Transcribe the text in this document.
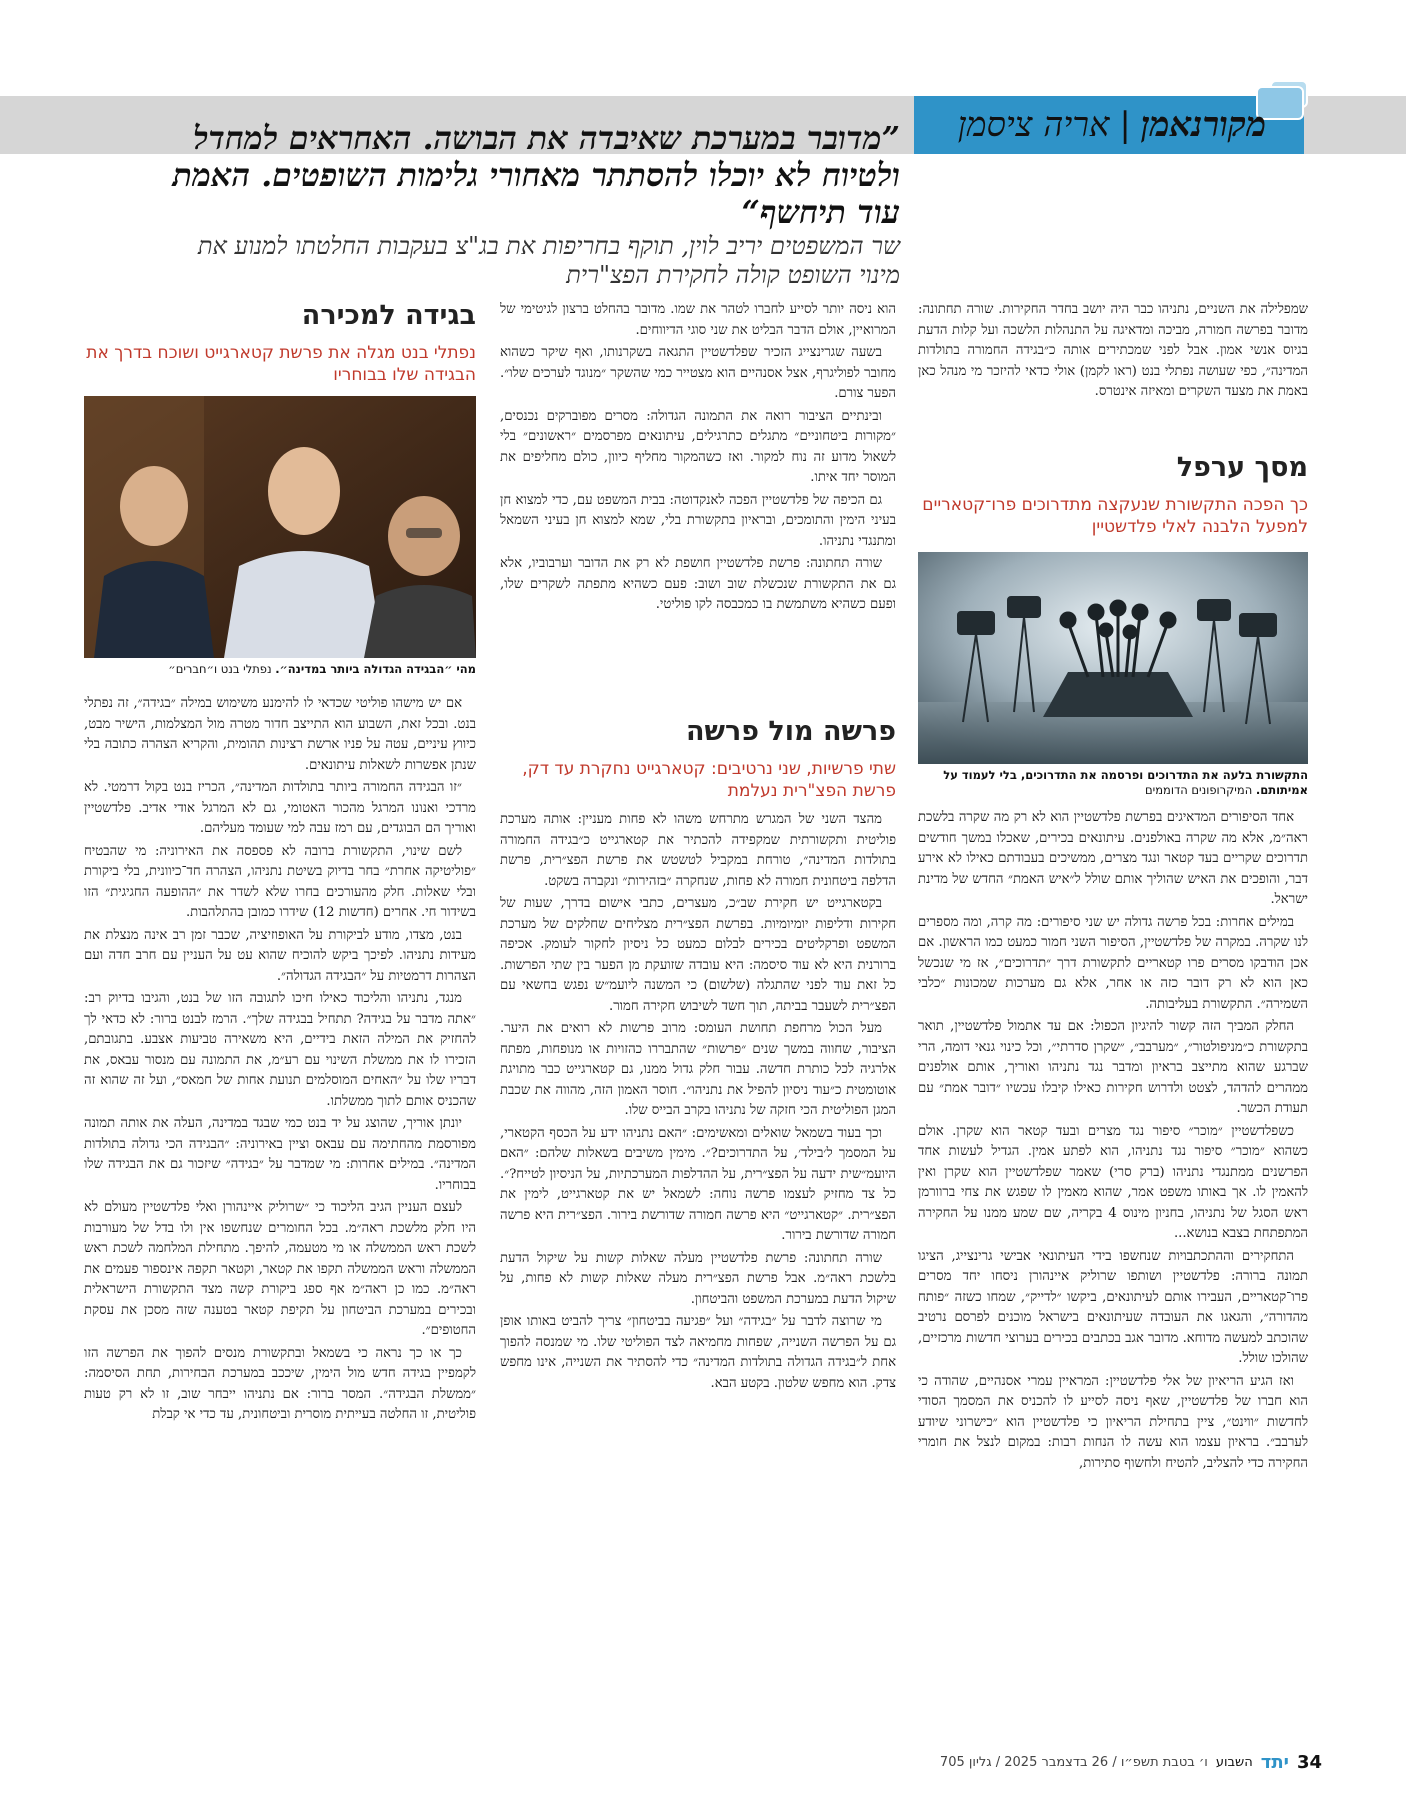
מקורנאמן
|
אריה ציסמן
”מדובר במערכת שאיבדה את הבושה. האחראים למחדל ולטיוח לא יוכלו להסתתר מאחורי גלימות השופטים. האמת עוד תיחשף“
שר המשפטים יריב לוין, תוקף בחריפות את בג"צ בעקבות החלטתו למנוע את מינוי השופט קולה לחקירת הפצ"רית

שמפלילה את השניים, נתניהו כבר היה יושב בחדר החקירות. שורה תחתונה: מדובר בפרשה חמורה, מביכה ומדאיגה על התנהלות הלשכה ועל קלות הדעת בגיוס אנשי אמון. אבל לפני שמכתירים אותה כ״בגידה החמורה בתולדות המדינה״, כפי שעושה נפתלי בנט (ראו לקמן) אולי כדאי להיזכר מי מנהל כאן באמת את מצעד השקרים ומאיזה אינטרס.

מסך ערפל
כך הפכה התקשורת שנעקצה מתדרוכים פרו־קטאריים למפעל הלבנה לאלי פלדשטיין
התקשורת בלעה את התדרוכים ופרסמה את התדרוכים, בלי לעמוד על אמיתותם. המיקרופונים הדוממים

אחד הסיפורים המדאיגים בפרשת פלדשטיין הוא לא רק מה שקרה בלשכת ראה״מ, אלא מה שקרה באולפנים. עיתונאים בכירים, שאכלו במשך חודשים תדרוכים שקריים בעד קטאר ונגד מצרים, ממשיכים בעבודתם כאילו לא אירע דבר, והופכים את האיש שהוליך אותם שולל ל״איש האמת״ החדש של מדינת ישראל.

במילים אחרות: בכל פרשה גדולה יש שני סיפורים: מה קרה, ומה מספרים לנו שקרה. במקרה של פלדשטיין, הסיפור השני חמור כמעט כמו הראשון. אם אכן הודבקו מסרים פרו קטאריים לתקשורת דרך ״תדרוכים״, אז מי שנכשל כאן הוא לא רק דובר כזה או אחר, אלא גם מערכות שמכונות ״כלבי השמירה״. התקשורת בעליבותה.

החלק המביך הזה קשור להיגיון הכפול: אם עד אתמול פלדשטיין, תואר בתקשורת כ״מניפולטור״, ״מערבב״, ״שקרן סדרתי״, וכל כינוי גנאי דומה, הרי שברגע שהוא מתייצב בראיון ומדבר נגד נתניהו ואוריך, אותם אולפנים ממהרים להדהד, לצטט ולדרוש חקירות כאילו קיבלו עכשיו ״דובר אמת״ עם תעודת הכשר.

כשפלדשטיין ״מוכר״ סיפור נגד מצרים ובעד קטאר הוא שקרן. אולם כשהוא ״מוכר״ סיפור נגד נתניהו, הוא לפתע אמין. הגדיל לעשות אחד הפרשנים ממתנגדי נתניהו (ברק סרי) שאמר שפלדשטיין הוא שקרן ואין להאמין לו. אך באותו משפט אמר, שהוא מאמין לו שפגש את צחי ברוורמן ראש הסגל של נתניהו, בחניון מינוס 4 בקריה, שם שמע ממנו על החקירה המתפתחת בצבא בנושא...

התחקירים וההתכתבויות שנחשפו בידי העיתונאי אבישי גרינצייג, הציגו תמונה ברורה: פלדשטיין ושותפו שרוליק איינהורן ניסחו יחד מסרים פרו־קטאריים, העבירו אותם לעיתונאים, ביקשו ״לדייק״, שמחו כשזה ״פותח מהדורה״, והגאגו את העובדה שעיתונאים בישראל מוכנים לפרסם נרטיב שהוכתב למעשה מדוחא. מדובר אגב בכתבים בכירים בערוצי חדשות מרכזיים, שהולכו שולל.

ואז הגיע הריאיון של אלי פלדשטיין: המראיין עמרי אסנהיים, שהודה כי הוא חברו של פלדשטיין, שאף ניסה לסייע לו להכניס את המסמך הסודי לחדשות ״ווינט״, ציין בתחילת הריאיון כי פלדשטיין הוא ״כישרוני שיודע לערבב״. בראיון עצמו הוא עשה לו הנחות רבות: במקום לנצל את חומרי החקירה כדי להצליב, להטיח ולחשוף סתירות,

הוא ניסה יותר לסייע לחברו לטהר את שמו. מדובר בהחלט ברצון לגיטימי של המרואיין, אולם הדבר הבליט את שני סוגי הדיווחים.

בשעה שגרינצייג הזכיר שפלדשטיין התגאה בשקרנותו, ואף שיקר כשהוא מחובר לפוליגרף, אצל אסנהיים הוא מצטייר כמי שהשקר ״מנוגד לערכים שלו״. הפער צורם.

ובינתיים הציבור רואה את התמונה הגדולה: מסרים מפוברקים נכנסים, ״מקורות ביטחוניים״ מתגלים כתרגילים, עיתונאים מפרסמים ״ראשונים״ בלי לשאול מדוע זה נוח למקור. ואז כשהמקור מחליף כיוון, כולם מחליפים את המוסר יחד איתו.

גם הכיפה של פלדשטיין הפכה לאנקדוטה: בבית המשפט עם, כדי למצוא חן בעיני הימין והתומכים, ובראיון בתקשורת בלי, שמא למצוא חן בעיני השמאל ומתנגדי נתניהו.

שורה תחתונה: פרשת פלדשטיין חושפת לא רק את הדובר וערבוביו, אלא גם את התקשורת שנכשלת שוב ושוב: פעם כשהיא מתפתה לשקרים שלו, ופעם כשהיא משתמשת בו כמכבסה לקו פוליטי.

פרשה מול פרשה
שתי פרשיות, שני נרטיבים: קטארגייט נחקרת עד דק, פרשת הפצ"רית נעלמת

מהצד השני של המגרש מתרחש משהו לא פחות מעניין: אותה מערכת פוליטית ותקשורתית שמקפידה להכתיר את קטארגייט כ״בגידה החמורה בתולדות המדינה״, טורחת במקביל לטשטש את פרשת הפצ״רית, פרשת הדלפה ביטחונית חמורה לא פחות, שנחקרה ״בזהירות״ ונקברה בשקט.

בקטארגייט יש חקירת שב״כ, מעצרים, כתבי אישום בדרך, שעות של חקירות ודליפות יומיומיות. בפרשת הפצ״רית מצליחים שחלקים של מערכת המשפט ופרקליטים בכירים לבלום כמעט כל ניסיון לחקור לעומק. אכיפה ברורנית היא לא עוד סיסמה: היא עובדה שזועקת מן הפער בין שתי הפרשות. כל זאת עוד לפני שהתגלה (שלשום) כי המשנה ליועמ״ש נפגש בחשאי עם הפצ״רית לשעבר בביתה, תוך חשד לשיבוש חקירה חמור.

מעל הכול מרחפת תחושת העומס: מרוב פרשות לא רואים את היער. הציבור, שחווה במשך שנים ״פרשות״ שהתבררו כהזויות או מנופחות, מפתח אלרגיה לכל כותרת חדשה. עבור חלק גדול ממנו, גם קטארגייט כבר מתויגת אוטומטית כ״עוד ניסיון להפיל את נתניהו״. חוסר האמון הזה, מהווה את שכבת המגן הפוליטית הכי חזקה של נתניהו בקרב הבייס שלו.

וכך בעוד בשמאל שואלים ומאשימים: ״האם נתניהו ידע על הכסף הקטארי, על המסמך ל׳בילד׳, על התדרוכים?״. מימין משיבים בשאלות שלהם: ״האם היועמ״שית ידעה על הפצ״רית, על ההדלפות המערכתיות, על הניסיון לטייח?״. כל צד מחזיק לעצמו פרשה נוחה: לשמאל יש את קטארגייט, לימין את הפצ״רית. ״קטארגייט״ היא פרשה חמורה שדורשת בירור. הפצ״רית היא פרשה חמורה שדורשת בירור.

שורה תחתונה: פרשת פלדשטיין מעלה שאלות קשות על שיקול הדעת בלשכת ראה״מ. אבל פרשת הפצ״רית מעלה שאלות קשות לא פחות, על שיקול הדעת במערכת המשפט והביטחון.

מי שרוצה לדבר על ״בגידה״ ועל ״פגיעה בביטחון״ צריך להביט באותו אופן גם על הפרשה השנייה, שפחות מחמיאה לצד הפוליטי שלו. מי שמנסה להפוך אחת ל״בגידה הגדולה בתולדות המדינה״ כדי להסתיר את השנייה, אינו מחפש צדק. הוא מחפש שלטון. בקטע הבא.

בגידה למכירה
נפתלי בנט מגלה את פרשת קטארגייט ושוכח בדרך את הבגידה שלו בבוחריו
מהי ״הבגידה הגדולה ביותר במדינה״. נפתלי בנט ו״חברים״

אם יש מישהו פוליטי שכדאי לו להימנע משימוש במילה ״בגידה״, זה נפתלי בנט. ובכל זאת, השבוע הוא התייצב חדור מטרה מול המצלמות, הישיר מבט, כיווץ עיניים, עטה על פניו ארשת רצינות תהומית, והקריא הצהרה כתובה בלי שנתן אפשרות לשאלות עיתונאים.

״זו הבגידה החמורה ביותר בתולדות המדינה״, הכריז בנט בקול דרמטי. לא מרדכי ואנונו המרגל מהכור האטומי, גם לא המרגל אודי אדיב. פלדשטיין ואוריך הם הבוגדים, עם רמז עבה למי שעומד מעליהם.

לשם שינוי, התקשורת ברובה לא פספסה את האירוניה: מי שהבטיח ״פוליטיקה אחרת״ בחר בדיוק בשיטת נתניהו, הצהרה חד־כיוונית, בלי ביקורת ובלי שאלות. חלק מהעורכים בחרו שלא לשדר את ״ההופעה החגיגית״ הזו בשידור חי. אחרים (חדשות 12) שידרו כמובן בהתלהבות.

בנט, מצדו, מודע לביקורת על האופוזיציה, שכבר זמן רב אינה מנצלת את מעידות נתניהו. לפיכך ביקש להוכיח שהוא עט על העניין עם חרב חדה ועם הצהרות דרמטיות על ״הבגידה הגדולה״.

מנגד, נתניהו והליכוד כאילו חיכו לתגובה הזו של בנט, והגיבו בדיוק רב: ״אתה מדבר על בגידה? תתחיל בבגידה שלך״. הרמז לבנט ברור: לא כדאי לך להחזיק את המילה הזאת בידיים, היא משאירה טביעות אצבע. בתגובתם, הזכירו לו את ממשלת השינוי עם רע״מ, את התמונה עם מנסור עבאס, את דבריו שלו על ״האחים המוסלמים תנועת אחות של חמאס״, ועל זה שהוא זה שהכניס אותם לתוך ממשלתו.

יונתן אוריך, שהוצג על יד בנט כמי שבגד במדינה, העלה את אותה תמונה מפורסמת מהחתימה עם עבאס וציין באירוניה: ״הבגידה הכי גדולה בתולדות המדינה״. במילים אחרות: מי שמדבר על ״בגידה״ שיזכור גם את הבגידה שלו בבוחריו.

לעצם העניין הגיב הליכוד כי ״שרוליק איינהורן ואלי פלדשטיין מעולם לא היו חלק מלשכת ראה״מ. בכל החומרים שנחשפו אין ולו בדל של מעורבות לשכת ראש הממשלה או מי מטעמה, להיפך. מתחילת המלחמה לשכת ראש הממשלה וראש הממשלה תקפו את קטאר, וקטאר תקפה אינספור פעמים את ראה״מ. כמו כן ראה״מ אף ספג ביקורת קשה מצד התקשורת הישראלית ובכירים במערכת הביטחון על תקיפת קטאר בטענה שזה מסכן את עסקת החטופים״.

כך או כך נראה כי בשמאל ובתקשורת מנסים להפוך את הפרשה הזו לקמפיין בגידה חדש מול הימין, שיככב במערכת הבחירות, תחת הסיסמה: ״ממשלת הבגידה״. המסר ברור: אם נתניהו ייבחר שוב, זו לא רק טעות פוליטית, זו החלטה בעייתית מוסרית וביטחונית, עד כדי אי קבלת

34
יתד
השבוע
ו׳ בטבת תשפ״ו / 26 בדצמבר 2025 / גליון 705
